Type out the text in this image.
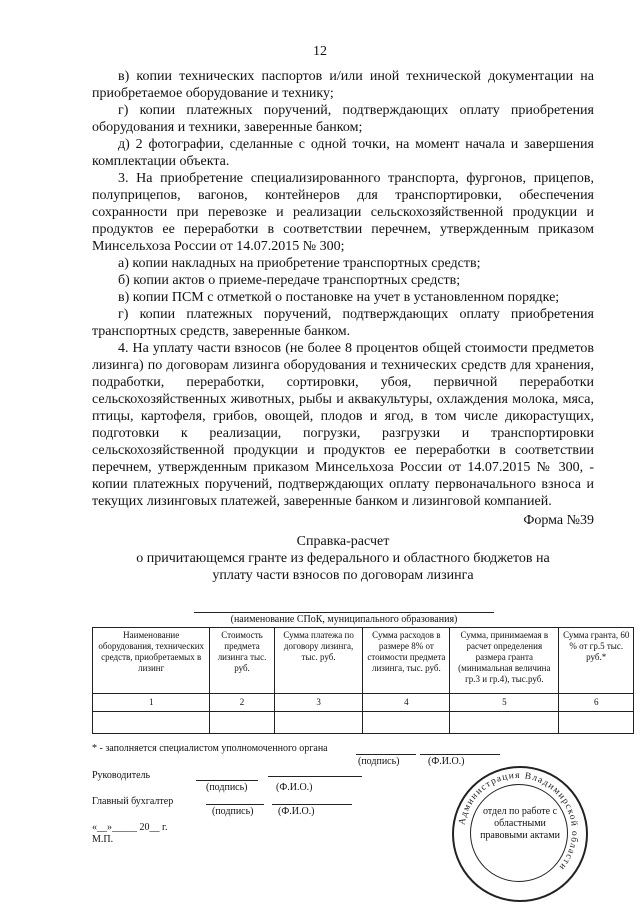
12

в) копии технических паспортов и/или иной технической документации на приобретаемое оборудование и технику;

г) копии платежных поручений, подтверждающих оплату приобретения оборудования и техники, заверенные банком;

д) 2 фотографии, сделанные с одной точки, на момент начала и завершения комплектации объекта.

3. На приобретение специализированного транспорта, фургонов, прицепов, полуприцепов, вагонов, контейнеров для транспортировки, обеспечения сохранности при перевозке и реализации сельскохозяйственной продукции и продуктов ее переработки в соответствии перечнем, утвержденным приказом Минсельхоза России от 14.07.2015 № 300;

а) копии накладных на приобретение транспортных средств;

б) копии актов о приеме-передаче транспортных средств;

в) копии ПСМ с отметкой о постановке на учет в установленном порядке;

г) копии платежных поручений, подтверждающих оплату приобретения транспортных средств, заверенные банком.

4. На уплату части взносов (не более 8 процентов общей стоимости предметов лизинга) по договорам лизинга оборудования и технических средств для хранения, подработки, переработки, сортировки, убоя, первичной переработки сельскохозяйственных животных, рыбы и аквакультуры, охлаждения молока, мяса, птицы, картофеля, грибов, овощей, плодов и ягод, в том числе дикорастущих, подготовки к реализации, погрузки, разгрузки и транспортировки сельскохозяйственной продукции и продуктов ее переработки в соответствии перечнем, утвержденным приказом Минсельхоза России от 14.07.2015 № 300, - копии платежных поручений, подтверждающих оплату первоначального взноса и текущих лизинговых платежей, заверенные банком и лизинговой компанией.

Форма №39

Справка-расчет

о причитающемся гранте из федерального и областного бюджетов на уплату части взносов по договорам лизинга

(наименование СПоК, муниципального образования)
Наименование оборудования, технических средств, приобретаемых в лизинг	Стоимость предмета лизинга тыс. руб.	Сумма платежа по договору лизинга, тыс. руб.	Сумма расходов в размере 8% от стоимости предмета лизинга, тыс. руб.	Сумма, принимаемая в расчет определения размера гранта (минимальная величина гр.3 и гр.4), тыс.руб.	Сумма гранта, 60 % от гр.5 тыс. руб.*
1	2	3	4	5	6

* - заполняется специалистом уполномоченного органа
(подпись)	(Ф.И.О.)
Руководитель
(подпись)	(Ф.И.О.)
Главный бухгалтер
(подпись) (Ф.И.О.)
«__»_____ 20__ г.
М.П.
Администрация Владимирской области
отдел по работе с областными правовыми актами
